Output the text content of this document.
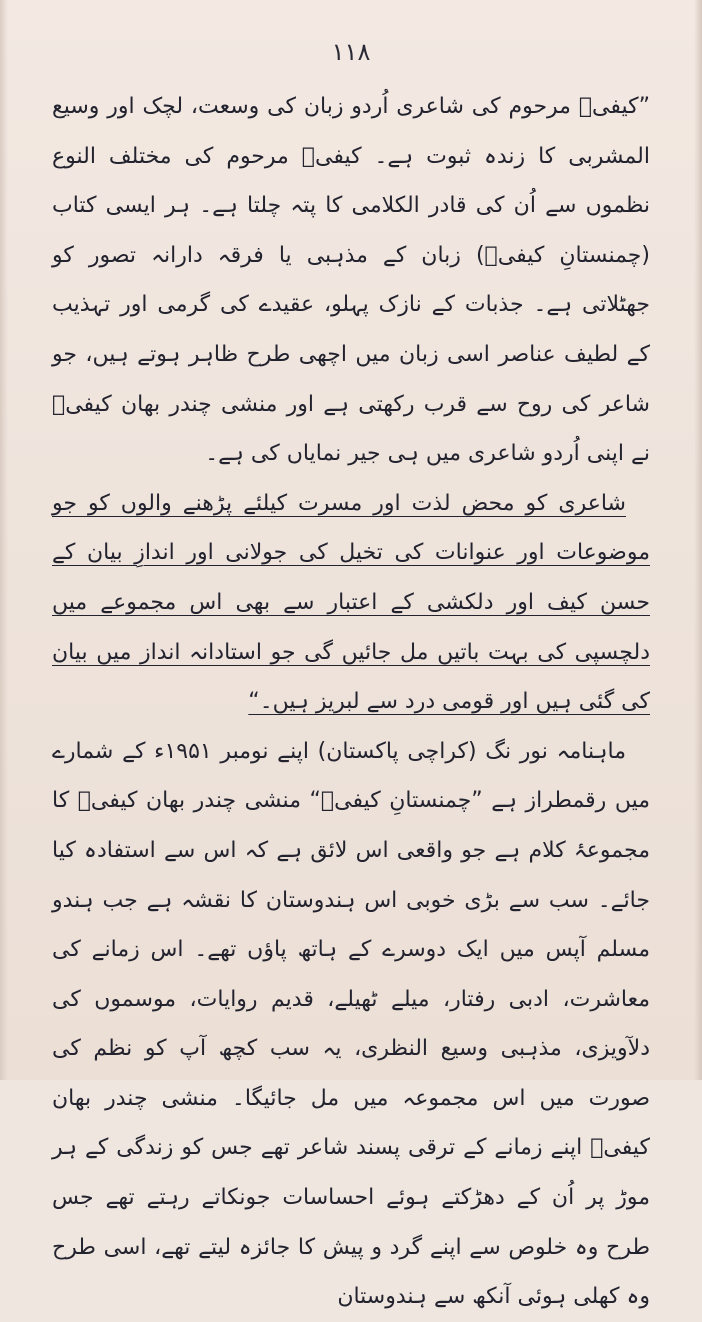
۱۱۸

”کیفیؔ مرحوم کی شاعری اُردو زبان کی وسعت، لچک اور وسیع المشربی کا زندہ ثبوت ہے۔ کیفیؔ مرحوم کی مختلف النوع نظموں سے اُن کی قادر الکلامی کا پتہ چلتا ہے۔ ہر ایسی کتاب (چمنستانِ کیفیؔ) زبان کے مذہبی یا فرقہ دارانہ تصور کو جھٹلاتی ہے۔ جذبات کے نازک پہلو، عقیدے کی گرمی اور تہذیب کے لطیف عناصر اسی زبان میں اچھی طرح ظاہر ہوتے ہیں، جو شاعر کی روح سے قرب رکھتی ہے اور منشی چندر بھان کیفیؔ نے اپنی اُردو شاعری میں ہی جیر نمایاں کی ہے۔

شاعری کو محض لذت اور مسرت کیلئے پڑھنے والوں کو جو موضوعات اور عنوانات کی تخیل کی جولانی اور اندازِ بیان کے حسن کیف اور دلکشی کے اعتبار سے بھی اس مجموعے میں دلچسپی کی بہت باتیں مل جائیں گی جو استادانہ انداز میں بیان کی گئی ہیں اور قومی درد سے لبریز ہیں۔“

ماہنامہ نور نگ (کراچی پاکستان) اپنے نومبر ۱۹۵۱ء کے شمارے میں رقمطراز ہے ”چمنستانِ کیفیؔ“ منشی چندر بھان کیفیؔ کا مجموعۂ کلام ہے جو واقعی اس لائق ہے کہ اس سے استفادہ کیا جائے۔ سب سے بڑی خوبی اس ہندوستان کا نقشہ ہے جب ہندو مسلم آپس میں ایک دوسرے کے ہاتھ پاؤں تھے۔ اس زمانے کی معاشرت، ادبی رفتار، میلے ٹھیلے، قدیم روایات، موسموں کی دلآویزی، مذہبی وسیع النظری، یہ سب کچھ آپ کو نظم کی صورت میں اس مجموعہ میں مل جائیگا۔ منشی چندر بھان کیفیؔ اپنے زمانے کے ترقی پسند شاعر تھے جس کو زندگی کے ہر موڑ پر اُن کے دھڑکتے ہوئے احساسات جونکاتے رہتے تھے جس طرح وہ خلوص سے اپنے گرد و پیش کا جائزہ لیتے تھے، اسی طرح وہ کھلی ہوئی آنکھ سے ہندوستان
